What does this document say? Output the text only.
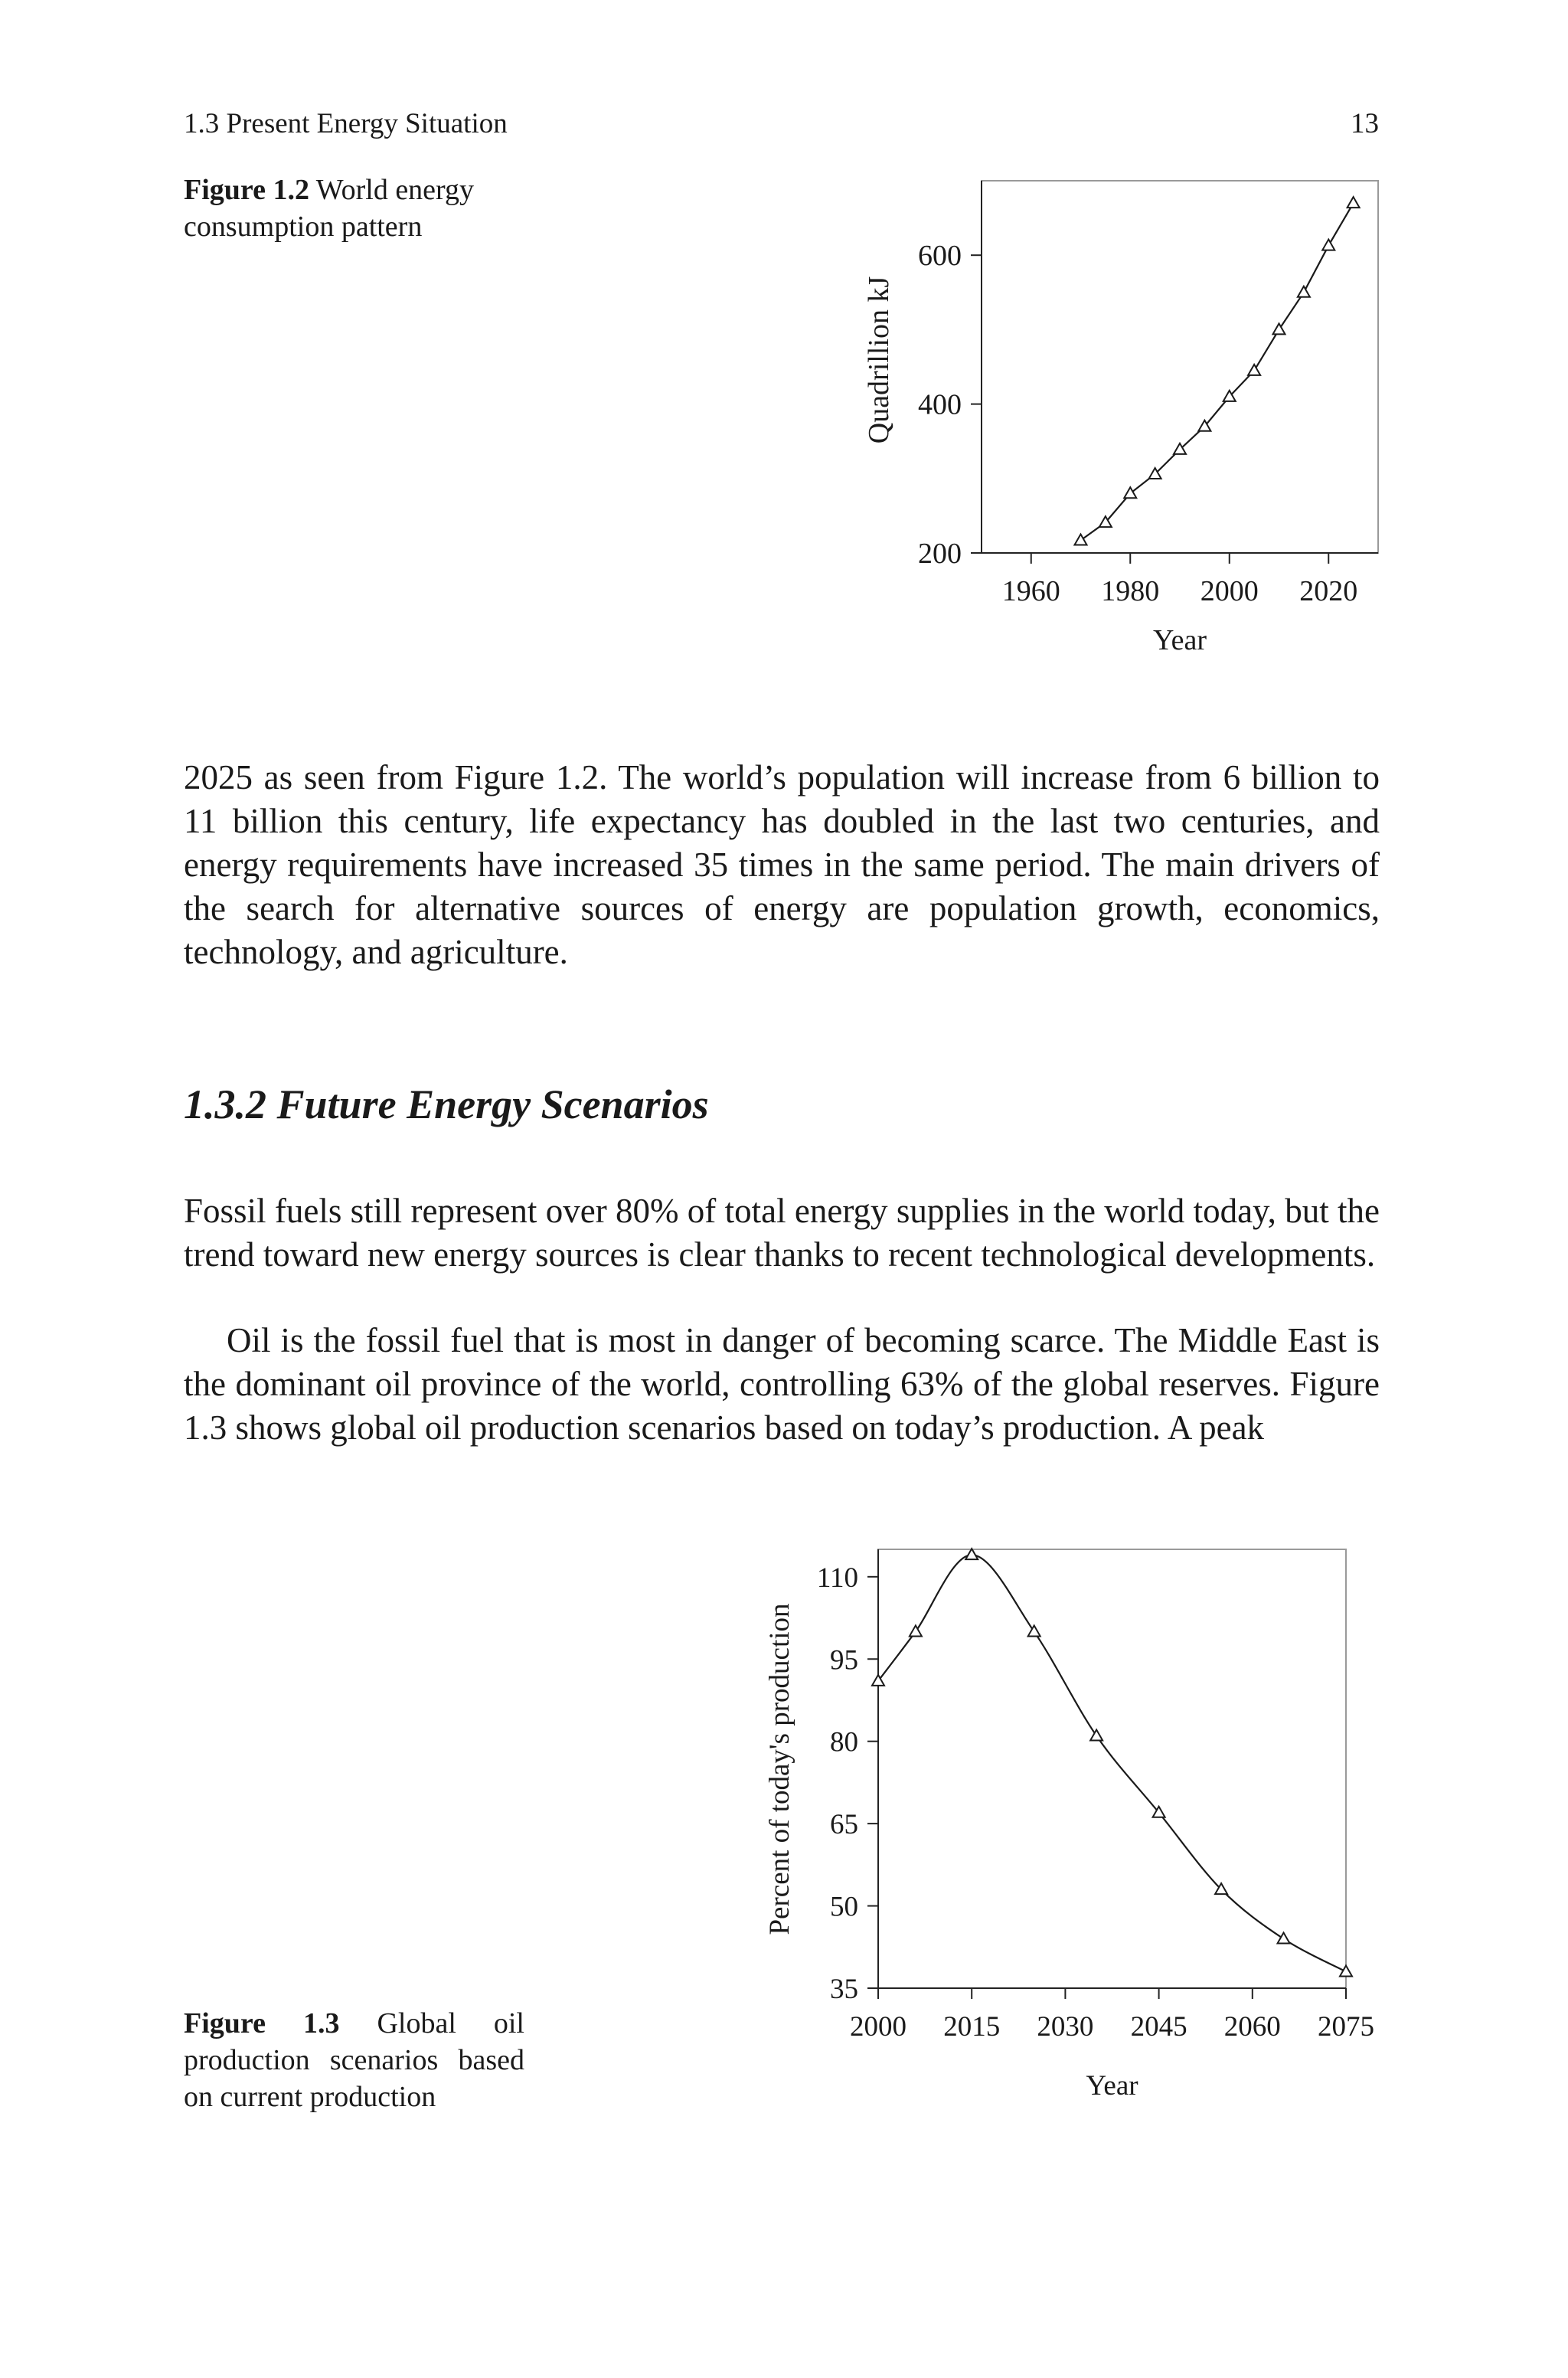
1.3 Present Energy Situation	13
Figure 1.2 World energy consumption pattern
200
400
600
1960 1980 2000 2020
Year
Quadrillion kJ
35
50
65
80
95
110
2000 2015 2030 2045 2060 2075
Year
Percent of today's production
2025 as seen from Figure 1.2. The world’s population will increase from 6 billion to 11 billion this century, life expectancy has doubled in the last two centuries, and energy requirements have increased 35 times in the same period. The main drivers of the search for alternative sources of energy are population growth, economics, technology, and agriculture.
1.3.2 Future Energy Scenarios
Fossil fuels still represent over 80% of total energy supplies in the world today, but the trend toward new energy sources is clear thanks to recent technological developments.
Oil is the fossil fuel that is most in danger of becoming scarce. The Middle East is the dominant oil province of the world, controlling 63% of the global reserves. Figure 1.3 shows global oil production scenarios based on today’s production. A peak
Figure 1.3 Global oil production scenarios based on current production
